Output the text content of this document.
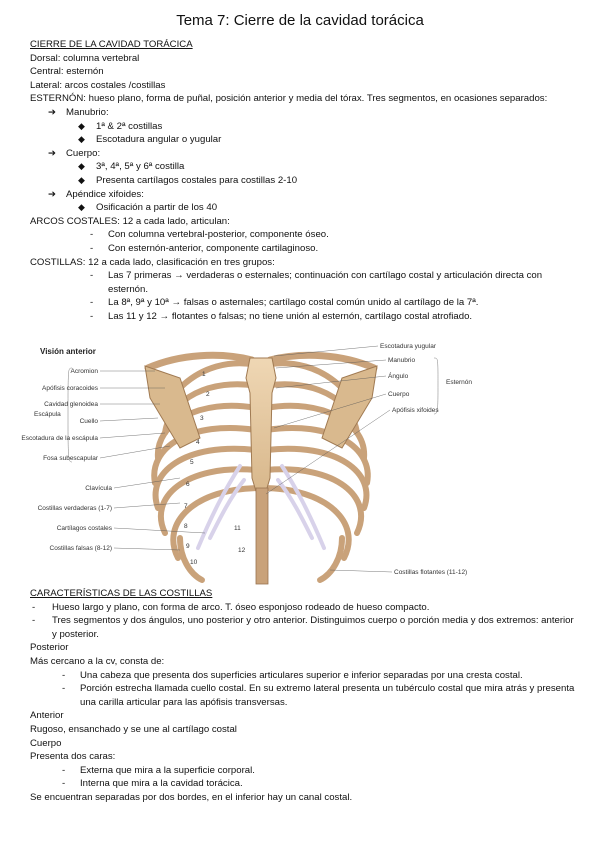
Tema 7: Cierre de la cavidad torácica
CIERRE DE LA CAVIDAD TORÁCICA
Dorsal: columna vertebral
Central: esternón
Lateral: arcos costales /costillas
ESTERNÓN: hueso plano, forma de puñal, posición anterior y media del tórax. Tres segmentos, en ocasiones separados:
➔ Manubrio:
◆ 1ª & 2ª costillas
◆ Escotadura angular o yugular
➔ Cuerpo:
◆ 3ª, 4ª, 5ª y 6ª costilla
◆ Presenta cartílagos costales para costillas 2-10
➔ Apéndice xifoides:
◆ Osificación a partir de los 40
ARCOS COSTALES: 12 a cada lado, articulan:
- Con columna vertebral-posterior, componente óseo.
- Con esternón-anterior, componente cartilaginoso.
COSTILLAS: 12 a cada lado, clasificación en tres grupos:
- Las 7 primeras → verdaderas o esternales; continuación con cartílago costal y articulación directa con esternón.
- La 8ª, 9ª y 10ª → falsas o asternales; cartílago costal común unido al cartílago de la 7ª.
- Las 11 y 12 → flotantes o falsas; no tiene unión al esternón, cartílago costal atrofiado.
Visión anterior
Acromion
Apófisis coracoides
Cavidad glenoidea
Cuello
Escotadura de la escápula
Fosa subescapular
Escápula
Clavícula
Costillas verdaderas (1-7)
Cartílagos costales
Costillas falsas (8-12)
Escotadura yugular
Manubrio
Ángulo
Cuerpo
Apófisis xifoides
Esternón
Costillas flotantes (11-12)
1
2
3
4
5
6
7
8
9
10
11
12
CARACTERÍSTICAS DE LAS COSTILLAS
- Hueso largo y plano, con forma de arco. T. óseo esponjoso rodeado de hueso compacto.
- Tres segmentos y dos ángulos, uno posterior y otro anterior. Distinguimos cuerpo o porción media y dos extremos: anterior y posterior.
Posterior
Más cercano a la cv, consta de:
- Una cabeza que presenta dos superficies articulares superior e inferior separadas por una cresta costal.
- Porción estrecha llamada cuello costal. En su extremo lateral presenta un tubérculo costal que mira atrás y presenta una carilla articular para las apófisis transversas.
Anterior
Rugoso, ensanchado y se une al cartílago costal
Cuerpo
Presenta dos caras:
- Externa que mira a la superficie corporal.
- Interna que mira a la cavidad torácica.
Se encuentran separadas por dos bordes, en el inferior hay un canal costal.
